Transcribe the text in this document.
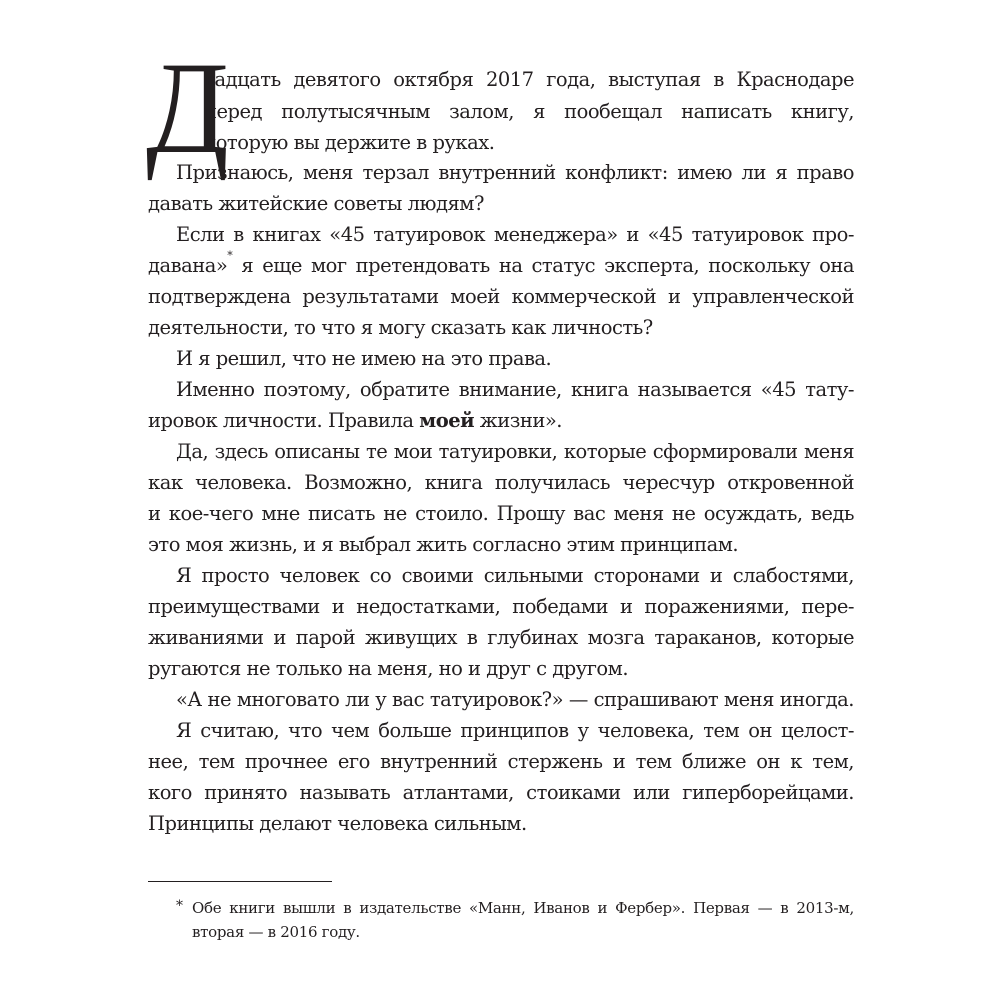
Д
вадцать девятого октября 2017 года, выступая в Краснодаре
перед полутысячным залом, я пообещал написать книгу,
которую вы держите в руках.
Признаюсь, меня терзал внутренний конфликт: имею ли я право
давать житейские советы людям?
Если в книгах «45 татуировок менеджера» и «45 татуировок про-
давана»* я еще мог претендовать на статус эксперта, поскольку она
подтверждена результатами моей коммерческой и управленческой
деятельности, то что я могу сказать как личность?
И я решил, что не имею на это права.
Именно поэтому, обратите внимание, книга называется «45 тату-
ировок личности. Правила моей жизни».
Да, здесь описаны те мои татуировки, которые сформировали меня
как человека. Возможно, книга получилась чересчур откровенной
и кое-чего мне писать не стоило. Прошу вас меня не осуждать, ведь
это моя жизнь, и я выбрал жить согласно этим принципам.
Я просто человек со своими сильными сторонами и слабостями,
преимуществами и недостатками, победами и поражениями, пере-
живаниями и парой живущих в глубинах мозга тараканов, которые
ругаются не только на меня, но и друг с другом.
«А не многовато ли у вас татуировок?» — спрашивают меня иногда.
Я считаю, что чем больше принципов у человека, тем он целост-
нее, тем прочнее его внутренний стержень и тем ближе он к тем,
кого принято называть атлантами, стоиками или гиперборейцами.
Принципы делают человека сильным.
* Обе книги вышли в издательстве «Манн, Иванов и Фербер». Первая — в 2013-м,
вторая — в 2016 году.
